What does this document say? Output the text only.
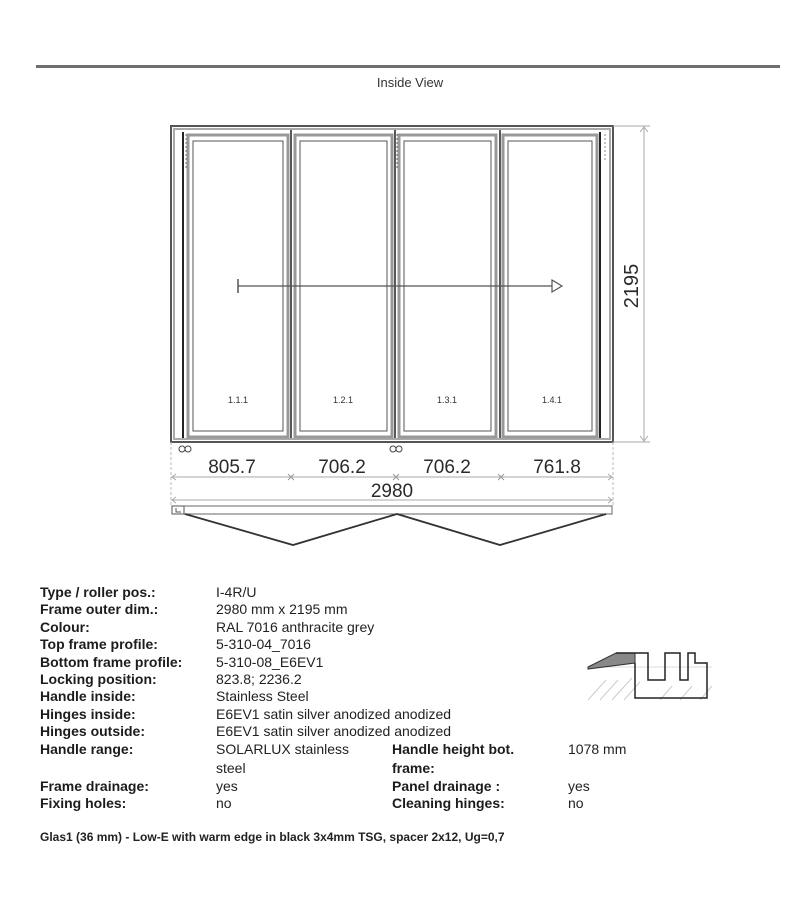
Inside View
1.1.1	1.2.1	1.3.1	1.4.1
2195
805.7	706.2	706.2	761.8
2980
Type / roller pos.:	I-4R/U
Frame outer dim.:	2980 mm x 2195 mm
Colour:	RAL 7016 anthracite grey
Top frame profile:	5-310-04_7016
Bottom frame profile: 5-310-08_E6EV1
Locking position:	823.8; 2236.2
Handle inside:	Stainless Steel
Hinges inside:	E6EV1 satin silver anodized anodized
Hinges outside:	E6EV1 satin silver anodized anodized
Handle range:	SOLARLUX stainless	Handle height bot.	1078 mm
steel	frame:
Frame drainage:	yes	Panel drainage :	yes
Fixing holes:	no	Cleaning hinges:	no
Glas1 (36 mm) - Low-E with warm edge in black 3x4mm TSG, spacer 2x12, Ug=0,7
